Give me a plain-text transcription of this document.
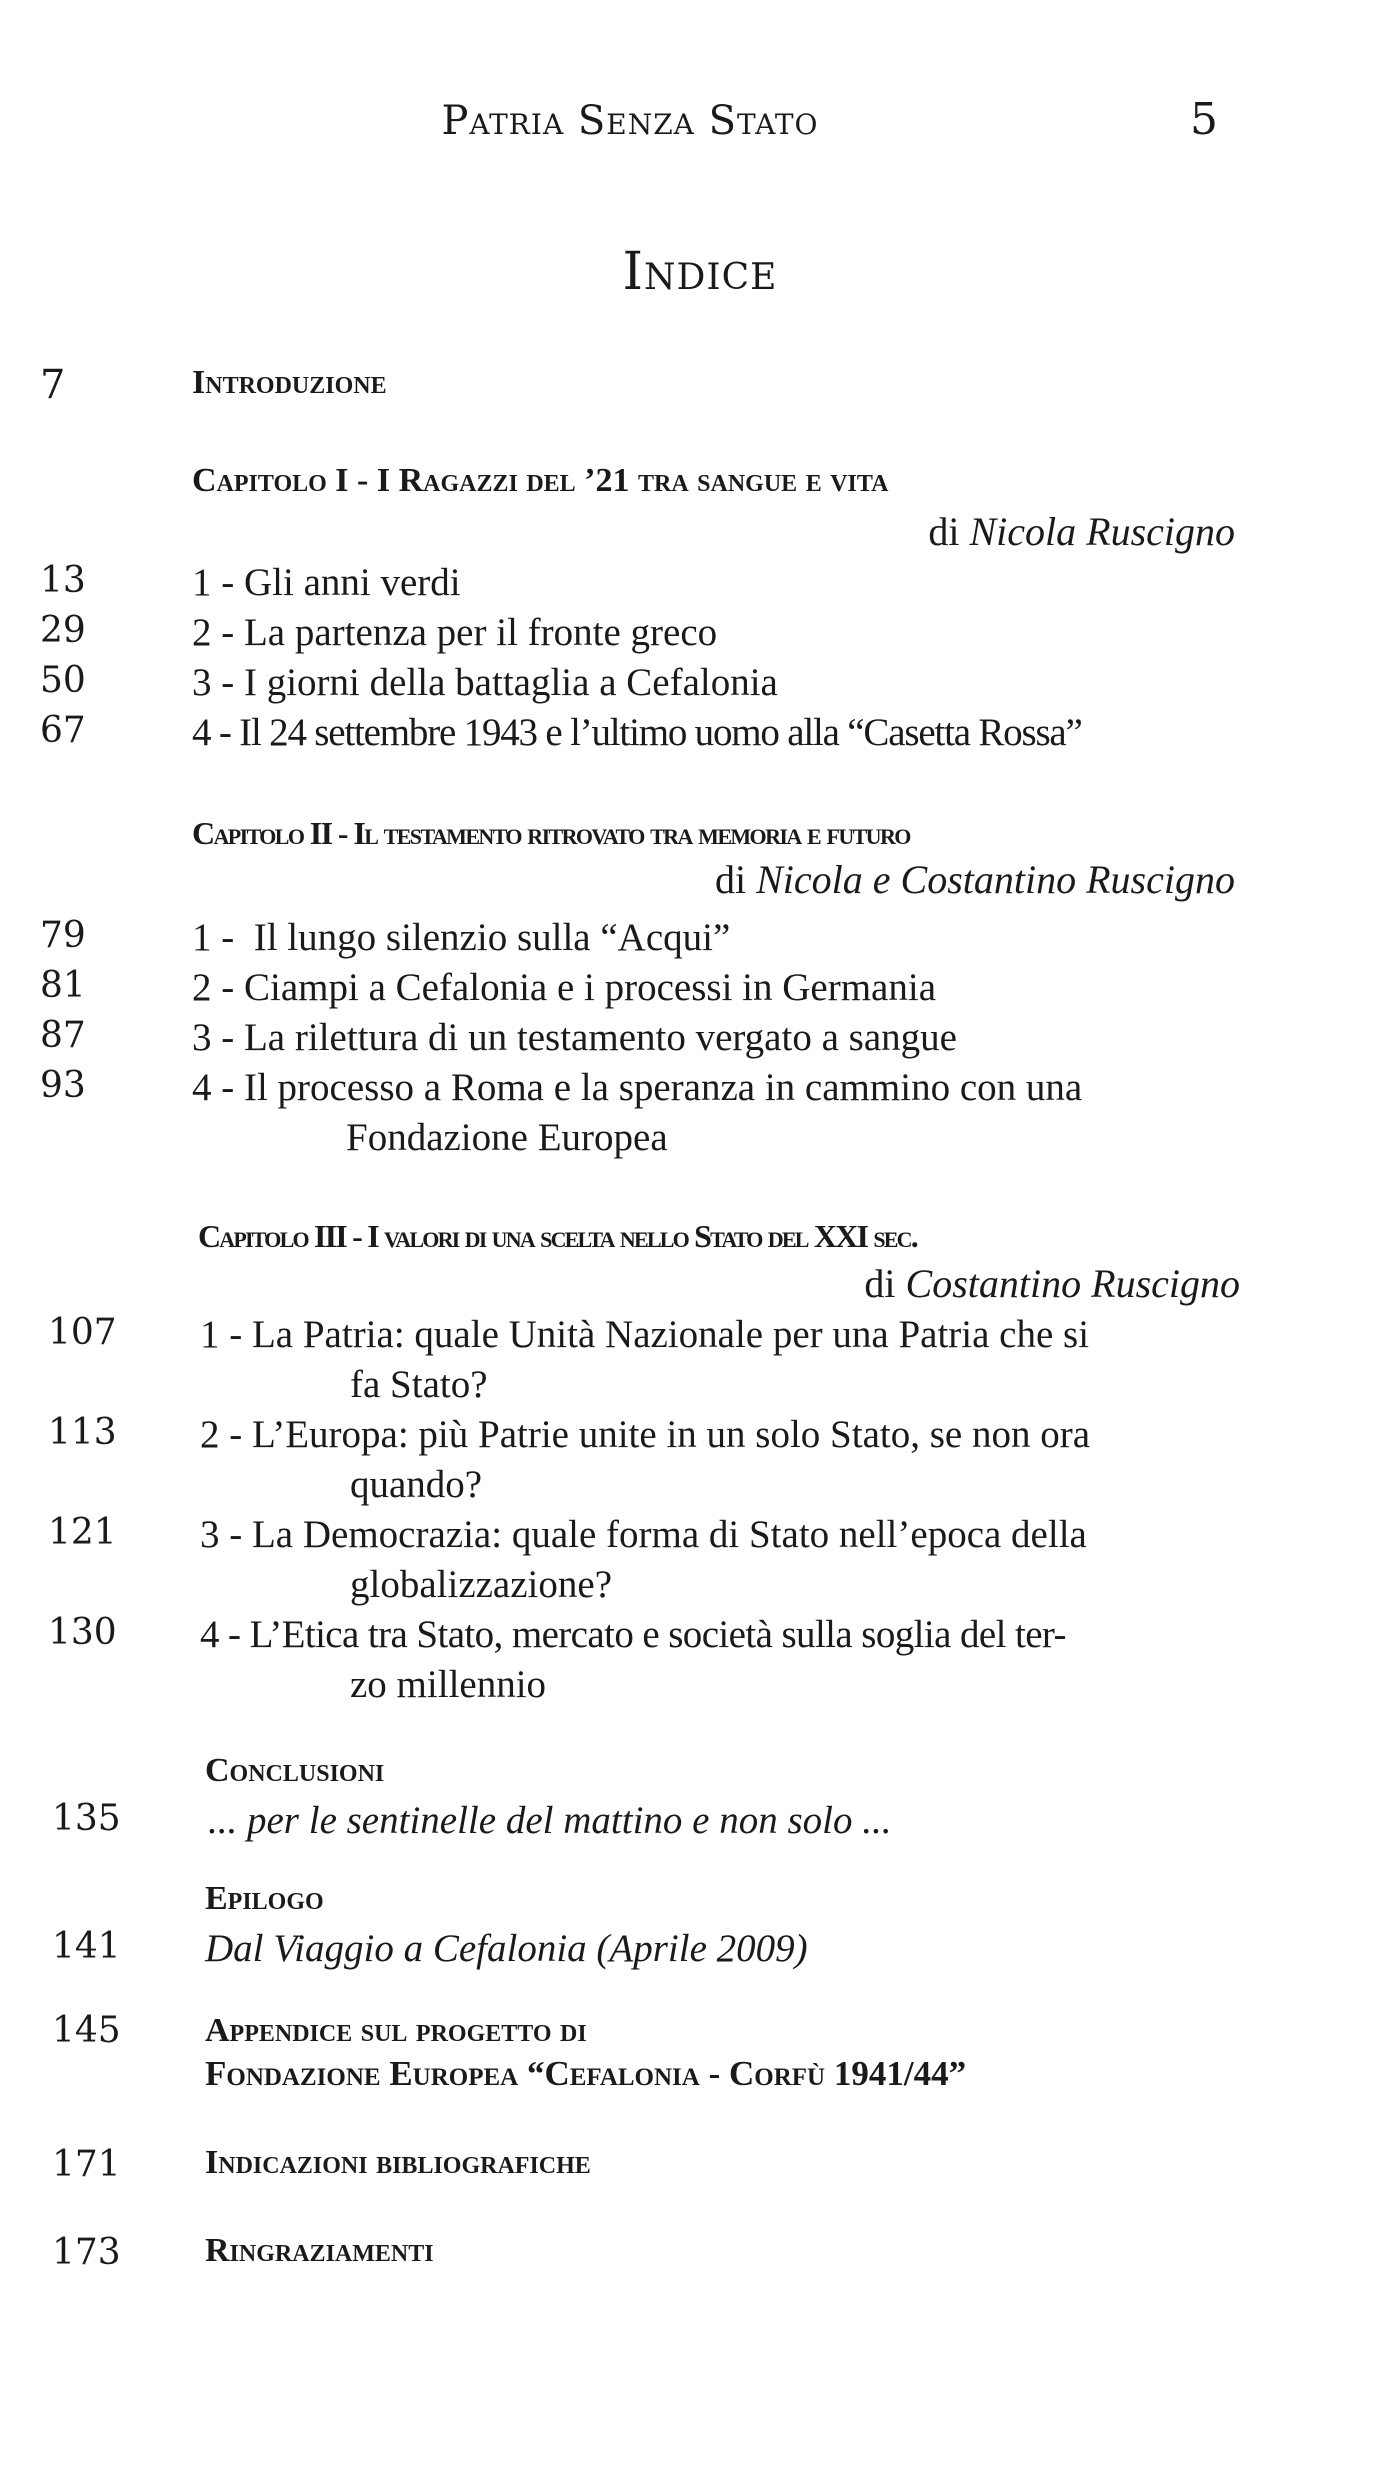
Patria Senza Stato	5
Indice
7	Introduzione
Capitolo I - I Ragazzi del ’21 tra sangue e vita
di Nicola Ruscigno
13	1 - Gli anni verdi
29	2 - La partenza per il fronte greco
50	3 - I giorni della battaglia a Cefalonia
67	4 - Il 24 settembre 1943 e l’ultimo uomo alla “Casetta Rossa”
Capitolo II - Il testamento ritrovato tra memoria e futuro
di Nicola e Costantino Ruscigno
79	1 -  Il lungo silenzio sulla “Acqui”
81	2 - Ciampi a Cefalonia e i processi in Germania
87	3 - La rilettura di un testamento vergato a sangue
93	4 - Il processo a Roma e la speranza in cammino con una
Fondazione Europea
Capitolo III - I valori di una scelta nello Stato del XXI sec.
di Costantino Ruscigno
107	1 - La Patria: quale Unità Nazionale per una Patria che si
fa Stato?
113	2 - L’Europa: più Patrie unite in un solo Stato, se non ora
quando?
121	3 - La Democrazia: quale forma di Stato nell’epoca della
globalizzazione?
130	4 - L’Etica tra Stato, mercato e società sulla soglia del ter-
zo millennio
Conclusioni
135	... per le sentinelle del mattino e non solo ...
Epilogo
141	Dal Viaggio a Cefalonia (Aprile 2009)
145	Appendice sul progetto di
Fondazione Europea “Cefalonia - Corfù 1941/44”
171	Indicazioni bibliografiche
173	Ringraziamenti
